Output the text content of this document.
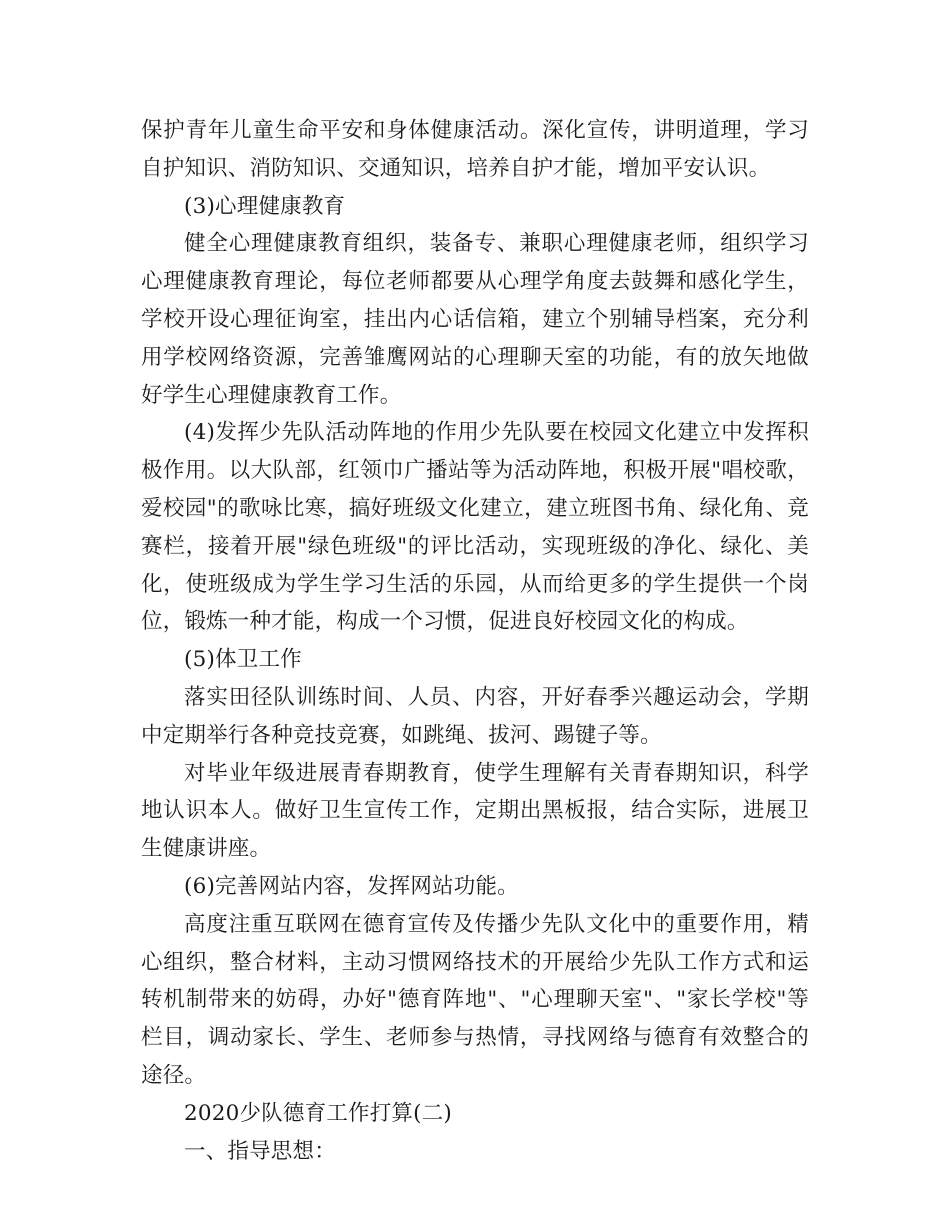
保护青年儿童生命平安和身体健康活动。深化宣传，讲明道理，学习
自护知识、消防知识、交通知识，培养自护才能，增加平安认识。
(3)心理健康教育
健全心理健康教育组织，装备专、兼职心理健康老师，组织学习
心理健康教育理论，每位老师都要从心理学角度去鼓舞和感化学生，
学校开设心理征询室，挂出内心话信箱，建立个别辅导档案，充分利
用学校网络资源，完善雏鹰网站的心理聊天室的功能，有的放矢地做
好学生心理健康教育工作。
(4)发挥少先队活动阵地的作用少先队要在校园文化建立中发挥积
极作用。以大队部，红领巾广播站等为活动阵地，积极开展"唱校歌，
爱校园"的歌咏比寒，搞好班级文化建立，建立班图书角、绿化角、竞
赛栏，接着开展"绿色班级"的评比活动，实现班级的净化、绿化、美
化，使班级成为学生学习生活的乐园，从而给更多的学生提供一个岗
位，锻炼一种才能，构成一个习惯，促进良好校园文化的构成。
(5)体卫工作
落实田径队训练时间、人员、内容，开好春季兴趣运动会，学期
中定期举行各种竞技竞赛，如跳绳、拔河、踢键子等。
对毕业年级进展青春期教育，使学生理解有关青春期知识，科学
地认识本人。做好卫生宣传工作，定期出黑板报，结合实际，进展卫
生健康讲座。
(6)完善网站内容，发挥网站功能。
高度注重互联网在德育宣传及传播少先队文化中的重要作用，精
心组织，整合材料，主动习惯网络技术的开展给少先队工作方式和运
转机制带来的妨碍，办好"德育阵地"、"心理聊天室"、"家长学校"等
栏目，调动家长、学生、老师参与热情，寻找网络与德育有效整合的
途径。
2020少队德育工作打算(二)
一、指导思想：
